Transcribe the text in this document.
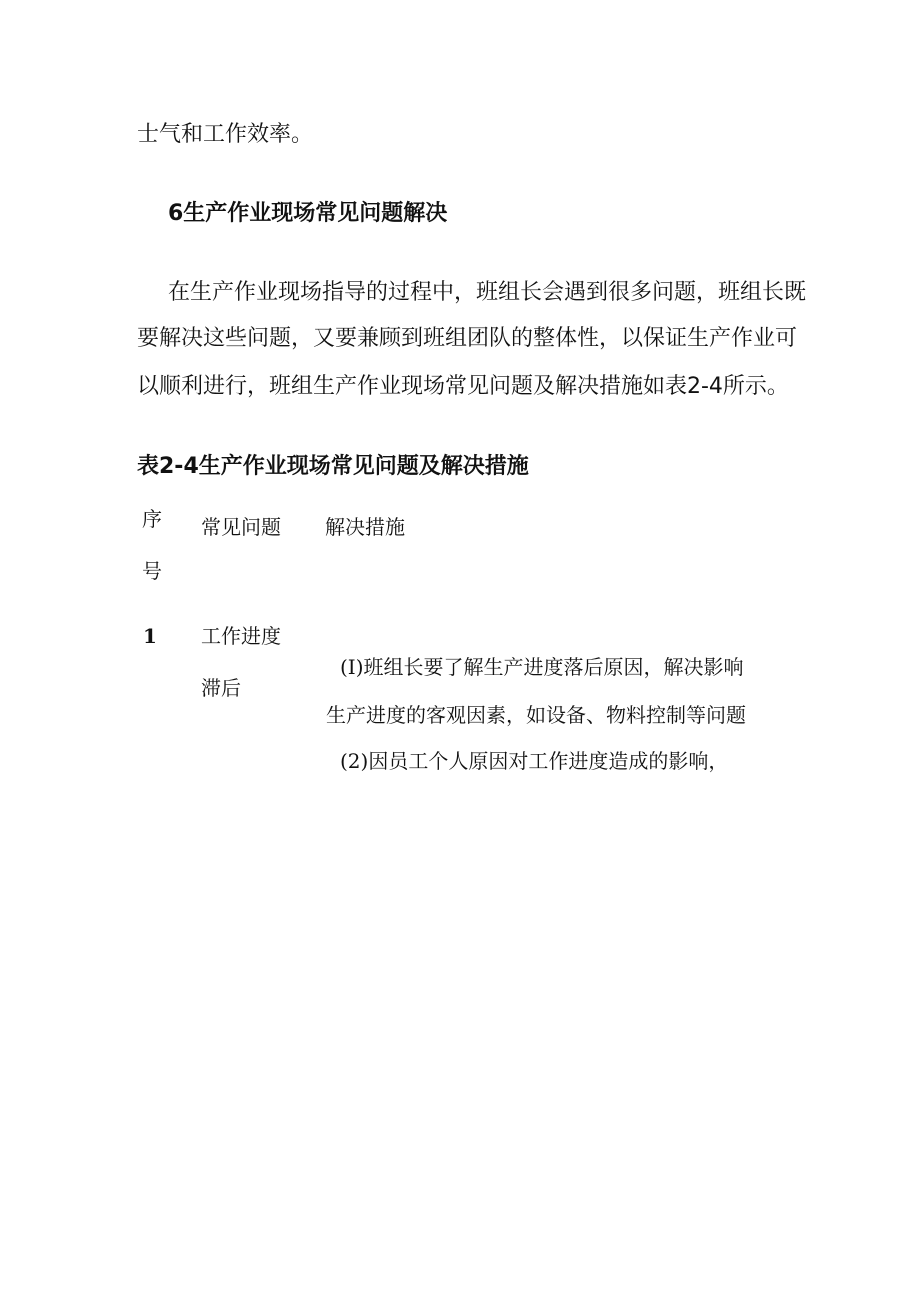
士气和工作效率。
6生产作业现场常见问题解决
在生产作业现场指导的过程中，班组长会遇到很多问题，班组长既
要解决这些问题，又要兼顾到班组团队的整体性，以保证生产作业可
以顺利进行，班组生产作业现场常见问题及解决措施如表2-4所示。
表2-4生产作业现场常见问题及解决措施
序
号
常见问题 解决措施
1 工作进度
滞后
(I)班组长要了解生产进度落后原因，解决影响
生产进度的客观因素，如设备、物料控制等问题
(2)因员工个人原因对工作进度造成的影响，
